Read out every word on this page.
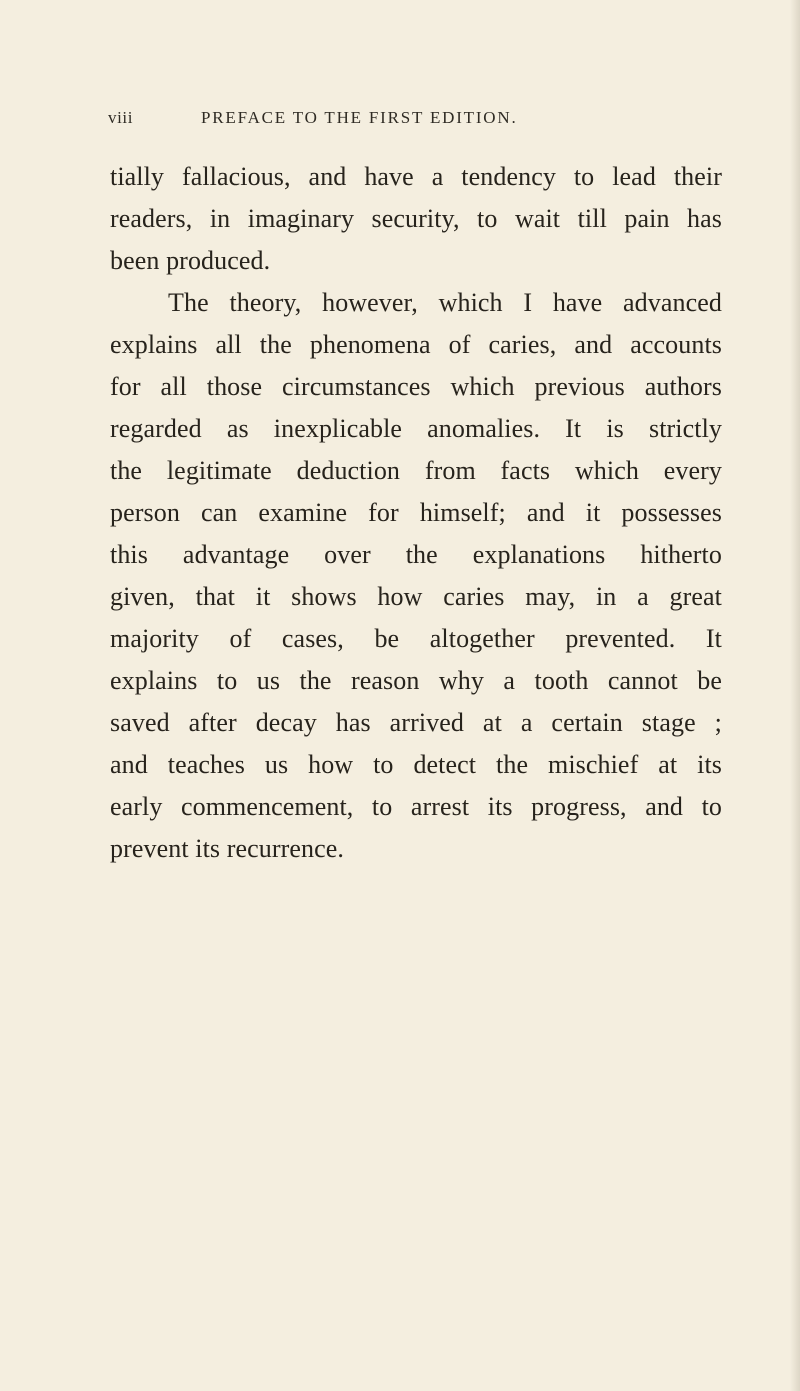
viii	PREFACE TO THE FIRST EDITION.
tially fallacious, and have a tendency to lead their
readers, in imaginary security, to wait till pain has
been produced.
The theory, however, which I have advanced
explains all the phenomena of caries, and accounts
for all those circumstances which previous authors
regarded as inexplicable anomalies. It is strictly
the legitimate deduction from facts which every
person can examine for himself; and it possesses
this advantage over the explanations hitherto
given, that it shows how caries may, in a great
majority of cases, be altogether prevented. It
explains to us the reason why a tooth cannot be
saved after decay has arrived at a certain stage ;
and teaches us how to detect the mischief at its
early commencement, to arrest its progress, and to
prevent its recurrence.
